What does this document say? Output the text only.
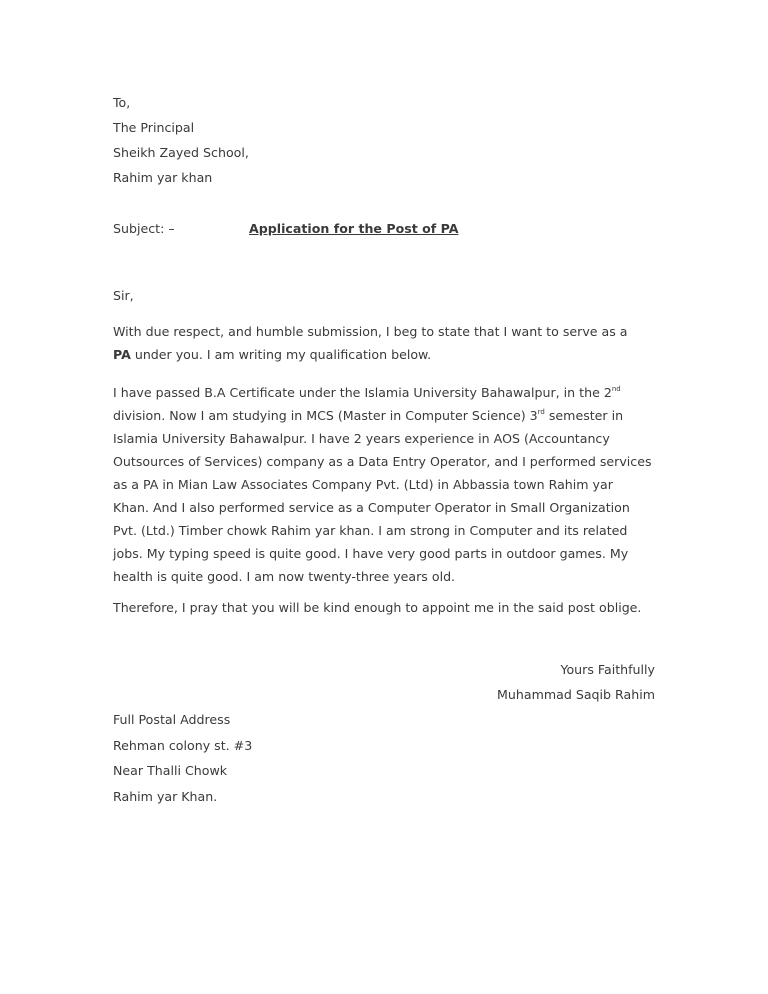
To,
The Principal
Sheikh Zayed School,
Rahim yar khan
Subject: –	Application for the Post of PA
Sir,

With due respect, and humble submission, I beg to state that I want to serve as a

PA under you. I am writing my qualification below.

I have passed B.A Certificate under the Islamia University Bahawalpur, in the 2nd

division. Now I am studying in MCS (Master in Computer Science) 3rd semester in

Islamia University Bahawalpur. I have 2 years experience in AOS (Accountancy

Outsources of Services) company as a Data Entry Operator, and I performed services

as a PA in Mian Law Associates Company Pvt. (Ltd) in Abbassia town Rahim yar

Khan. And I also performed service as a Computer Operator in Small Organization

Pvt. (Ltd.) Timber chowk Rahim yar khan. I am strong in Computer and its related

jobs. My typing speed is quite good. I have very good parts in outdoor games. My

health is quite good. I am now twenty-three years old.

Therefore, I pray that you will be kind enough to appoint me in the said post oblige.
Yours Faithfully
Muhammad Saqib Rahim
Full Postal Address
Rehman colony st. #3
Near Thalli Chowk
Rahim yar Khan.
